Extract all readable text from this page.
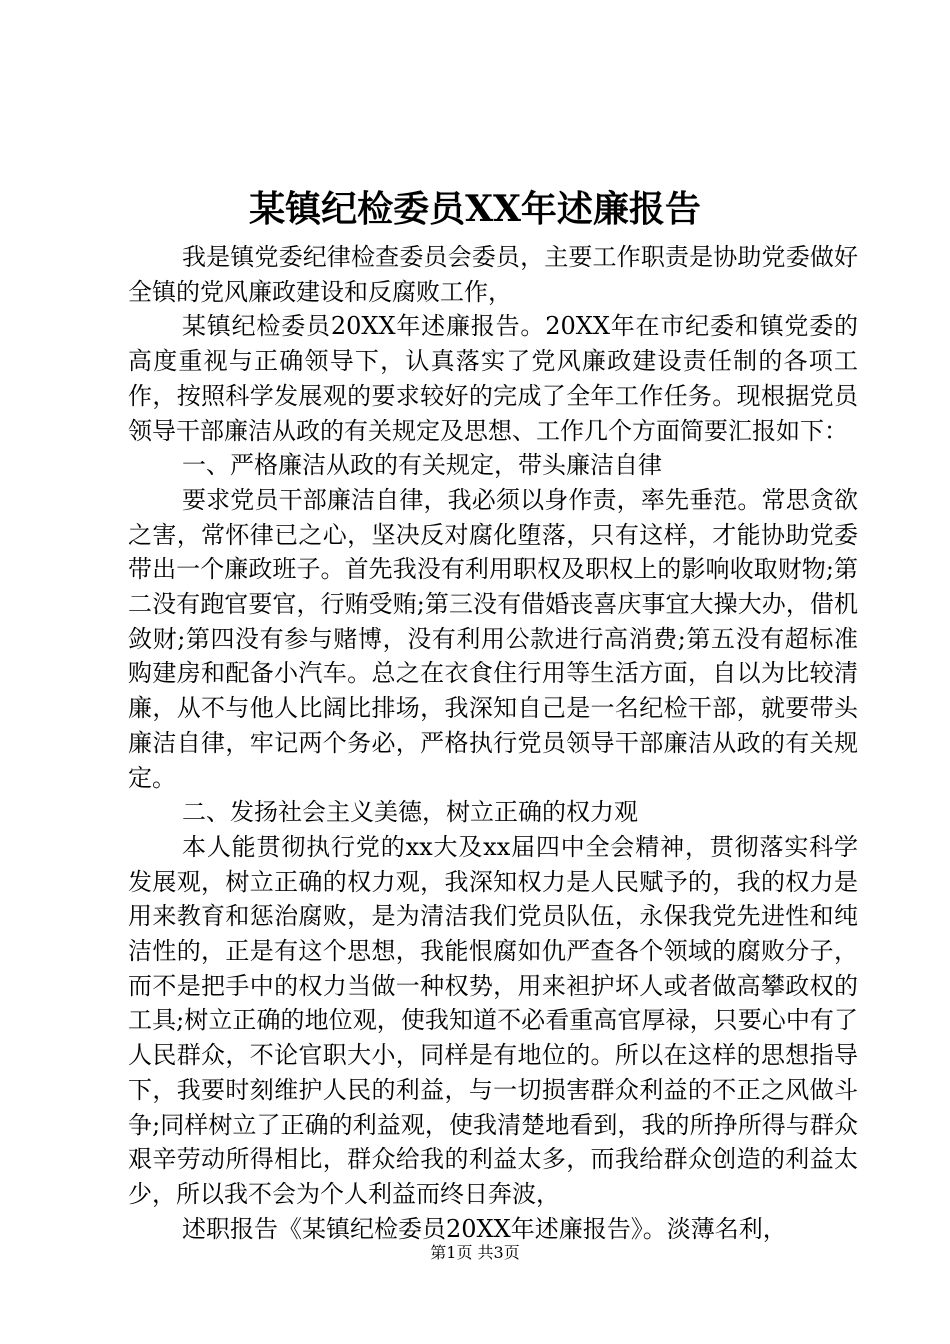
某镇纪检委员XX年述廉报告

我是镇党委纪律检查委员会委员，主要工作职责是协助党委做好全镇的党风廉政建设和反腐败工作，

某镇纪检委员20XX年述廉报告。20XX年在市纪委和镇党委的高度重视与正确领导下，认真落实了党风廉政建设责任制的各项工作，按照科学发展观的要求较好的完成了全年工作任务。现根据党员领导干部廉洁从政的有关规定及思想、工作几个方面简要汇报如下：

一、严格廉洁从政的有关规定，带头廉洁自律

要求党员干部廉洁自律，我必须以身作责，率先垂范。常思贪欲之害，常怀律已之心，坚决反对腐化堕落，只有这样，才能协助党委带出一个廉政班子。首先我没有利用职权及职权上的影响收取财物;第二没有跑官要官，行贿受贿;第三没有借婚丧喜庆事宜大操大办，借机敛财;第四没有参与赌博，没有利用公款进行高消费;第五没有超标准购建房和配备小汽车。总之在衣食住行用等生活方面，自以为比较清廉，从不与他人比阔比排场，我深知自己是一名纪检干部，就要带头廉洁自律，牢记两个务必，严格执行党员领导干部廉洁从政的有关规定。

二、发扬社会主义美德，树立正确的权力观

本人能贯彻执行党的xx大及xx届四中全会精神，贯彻落实科学发展观，树立正确的权力观，我深知权力是人民赋予的，我的权力是用来教育和惩治腐败，是为清洁我们党员队伍，永保我党先进性和纯洁性的，正是有这个思想，我能恨腐如仇严查各个领域的腐败分子，而不是把手中的权力当做一种权势，用来袒护坏人或者做高攀政权的工具;树立正确的地位观，使我知道不必看重高官厚禄，只要心中有了人民群众，不论官职大小，同样是有地位的。所以在这样的思想指导下，我要时刻维护人民的利益，与一切损害群众利益的不正之风做斗争;同样树立了正确的利益观，使我清楚地看到，我的所挣所得与群众艰辛劳动所得相比，群众给我的利益太多，而我给群众创造的利益太少，所以我不会为个人利益而终日奔波，

述职报告《某镇纪检委员20XX年述廉报告》。淡薄名利，

第1页 共3页
